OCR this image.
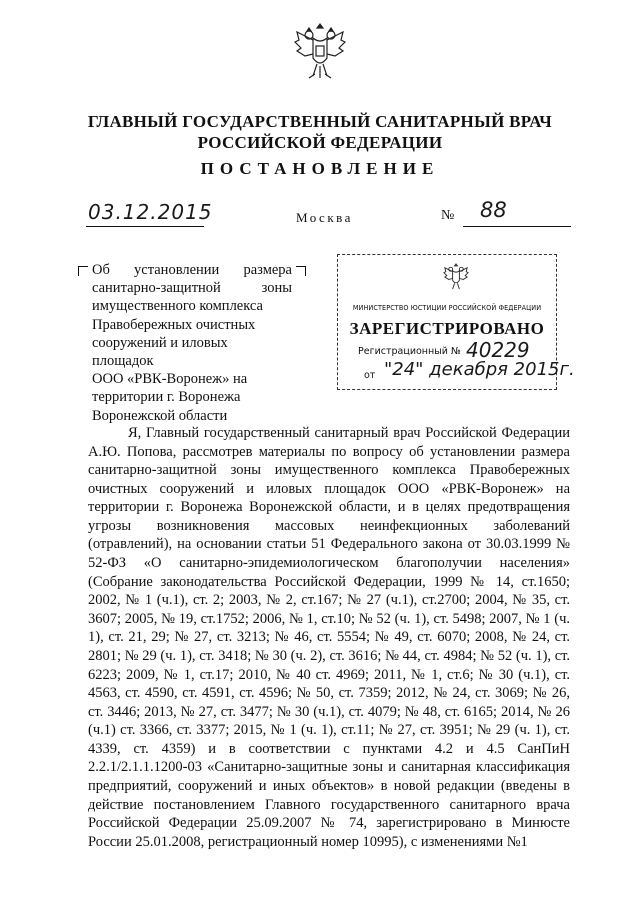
ГЛАВНЫЙ ГОСУДАРСТВЕННЫЙ САНИТАРНЫЙ ВРАЧ
РОССИЙСКОЙ ФЕДЕРАЦИИ
ПОСТАНОВЛЕНИЕ
03.12.2015	Москва	№ 88
Об установлении размера
санитарно-защитной зоны
имущественного комплекса
Правобережных очистных
сооружений и иловых площадок
ООО «РВК-Воронеж» на
территории г. Воронежа
Воронежской области
МИНИСТЕРСТВО ЮСТИЦИИ РОССИЙСКОЙ ФЕДЕРАЦИИ
ЗАРЕГИСТРИРОВАНО
Регистрационный № 40229
от "24" декабря 2015г.

Я, Главный государственный санитарный врач Российской Федерации А.Ю. Попова, рассмотрев материалы по вопросу об установлении размера санитарно-защитной зоны имущественного комплекса Правобережных очистных сооружений и иловых площадок ООО «РВК-Воронеж» на территории г. Воронежа Воронежской области, и в целях предотвращения угрозы возникновения массовых неинфекционных заболеваний (отравлений), на основании статьи 51 Федерального закона от 30.03.1999 № 52-ФЗ «О санитарно-эпидемиологическом благополучии населения» (Собрание законодательства Российской Федерации, 1999 № 14, ст.1650; 2002, № 1 (ч.1), ст. 2; 2003, № 2, ст.167; № 27 (ч.1), ст.2700; 2004, № 35, ст. 3607; 2005, № 19, ст.1752; 2006, № 1, ст.10; № 52 (ч. 1), ст. 5498; 2007, № 1 (ч. 1), ст. 21, 29; № 27, ст. 3213; № 46, ст. 5554; № 49, ст. 6070; 2008, № 24, ст. 2801; № 29 (ч. 1), ст. 3418; № 30 (ч. 2), ст. 3616; № 44, ст. 4984; № 52 (ч. 1), ст. 6223; 2009, № 1, ст.17; 2010, № 40 ст. 4969; 2011, № 1, ст.6; № 30 (ч.1), ст. 4563, ст. 4590, ст. 4591, ст. 4596; № 50, ст. 7359; 2012, № 24, ст. 3069; № 26, ст. 3446; 2013, № 27, ст. 3477; № 30 (ч.1), ст. 4079; № 48, ст. 6165; 2014, № 26 (ч.1) ст. 3366, ст. 3377; 2015, № 1 (ч. 1), ст.11; № 27, ст. 3951; № 29 (ч. 1), ст. 4339, ст. 4359) и в соответствии с пунктами 4.2 и 4.5 СанПиН 2.2.1/2.1.1.1200-03 «Санитарно-защитные зоны и санитарная классификация предприятий, сооружений и иных объектов» в новой редакции (введены в действие постановлением Главного государственного санитарного врача Российской Федерации 25.09.2007 № 74, зарегистрировано в Минюсте России 25.01.2008, регистрационный номер 10995), с изменениями №1
